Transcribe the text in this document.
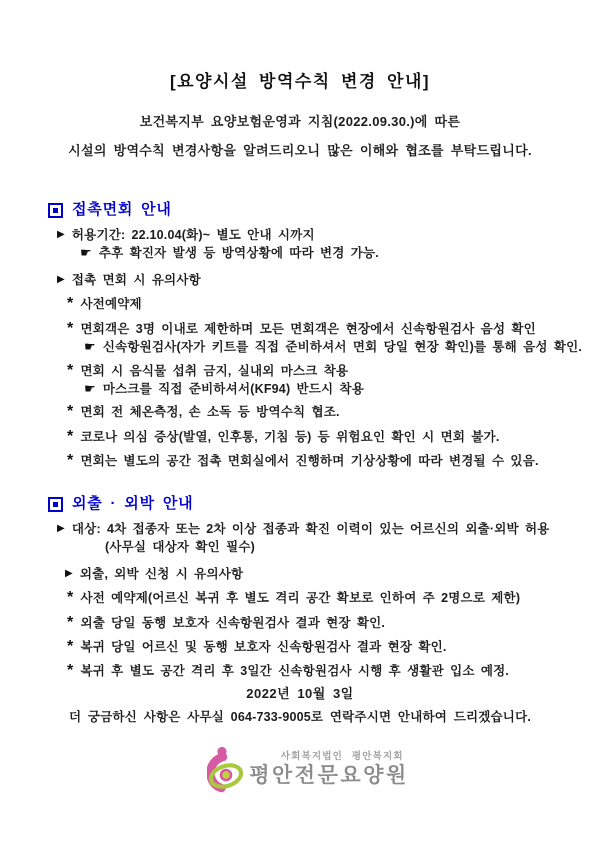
[요양시설 방역수칙 변경 안내]
보건복지부 요양보험운영과 지침(2022.09.30.)에 따른
시설의 방역수칙 변경사항을 알려드리오니 많은 이해와 협조를 부탁드립니다.
접촉면회 안내
▶ 허용기간: 22.10.04(화)~ 별도 안내 시까지
☛ 추후 확진자 발생 등 방역상황에 따라 변경 가능.
▶ 접촉 면회 시 유의사항
* 사전예약제
* 면회객은 3명 이내로 제한하며 모든 면회객은 현장에서 신속항원검사 음성 확인
☛ 신속항원검사(자가 키트를 직접 준비하셔서 면회 당일 현장 확인)를 통해 음성 확인.
* 면회 시 음식물 섭취 금지, 실내외 마스크 착용
☛ 마스크를 직접 준비하셔서(KF94) 반드시 착용
* 면회 전 체온측정, 손 소독 등 방역수칙 협조.
* 코로나 의심 증상(발열, 인후통, 기침 등) 등 위험요인 확인 시 면회 불가.
* 면회는 별도의 공간 접촉 면회실에서 진행하며 기상상황에 따라 변경될 수 있음.
외출 · 외박 안내
▶ 대상: 4차 접종자 또는 2차 이상 접종과 확진 이력이 있는 어르신의 외출·외박 허용
(사무실 대상자 확인 필수)
▶ 외출, 외박 신청 시 유의사항
* 사전 예약제(어르신 복귀 후 별도 격리 공간 확보로 인하여 주 2명으로 제한)
* 외출 당일 동행 보호자 신속항원검사 결과 현장 확인.
* 복귀 당일 어르신 및 동행 보호자 신속항원검사 결과 현장 확인.
* 복귀 후 별도 공간 격리 후 3일간 신속항원검사 시행 후 생활관 입소 예정.
2022년 10월 3일
더 궁금하신 사항은 사무실 064-733-9005로 연락주시면 안내하여 드리겠습니다.
사회복지법인 평안복지회
평안전문요양원
